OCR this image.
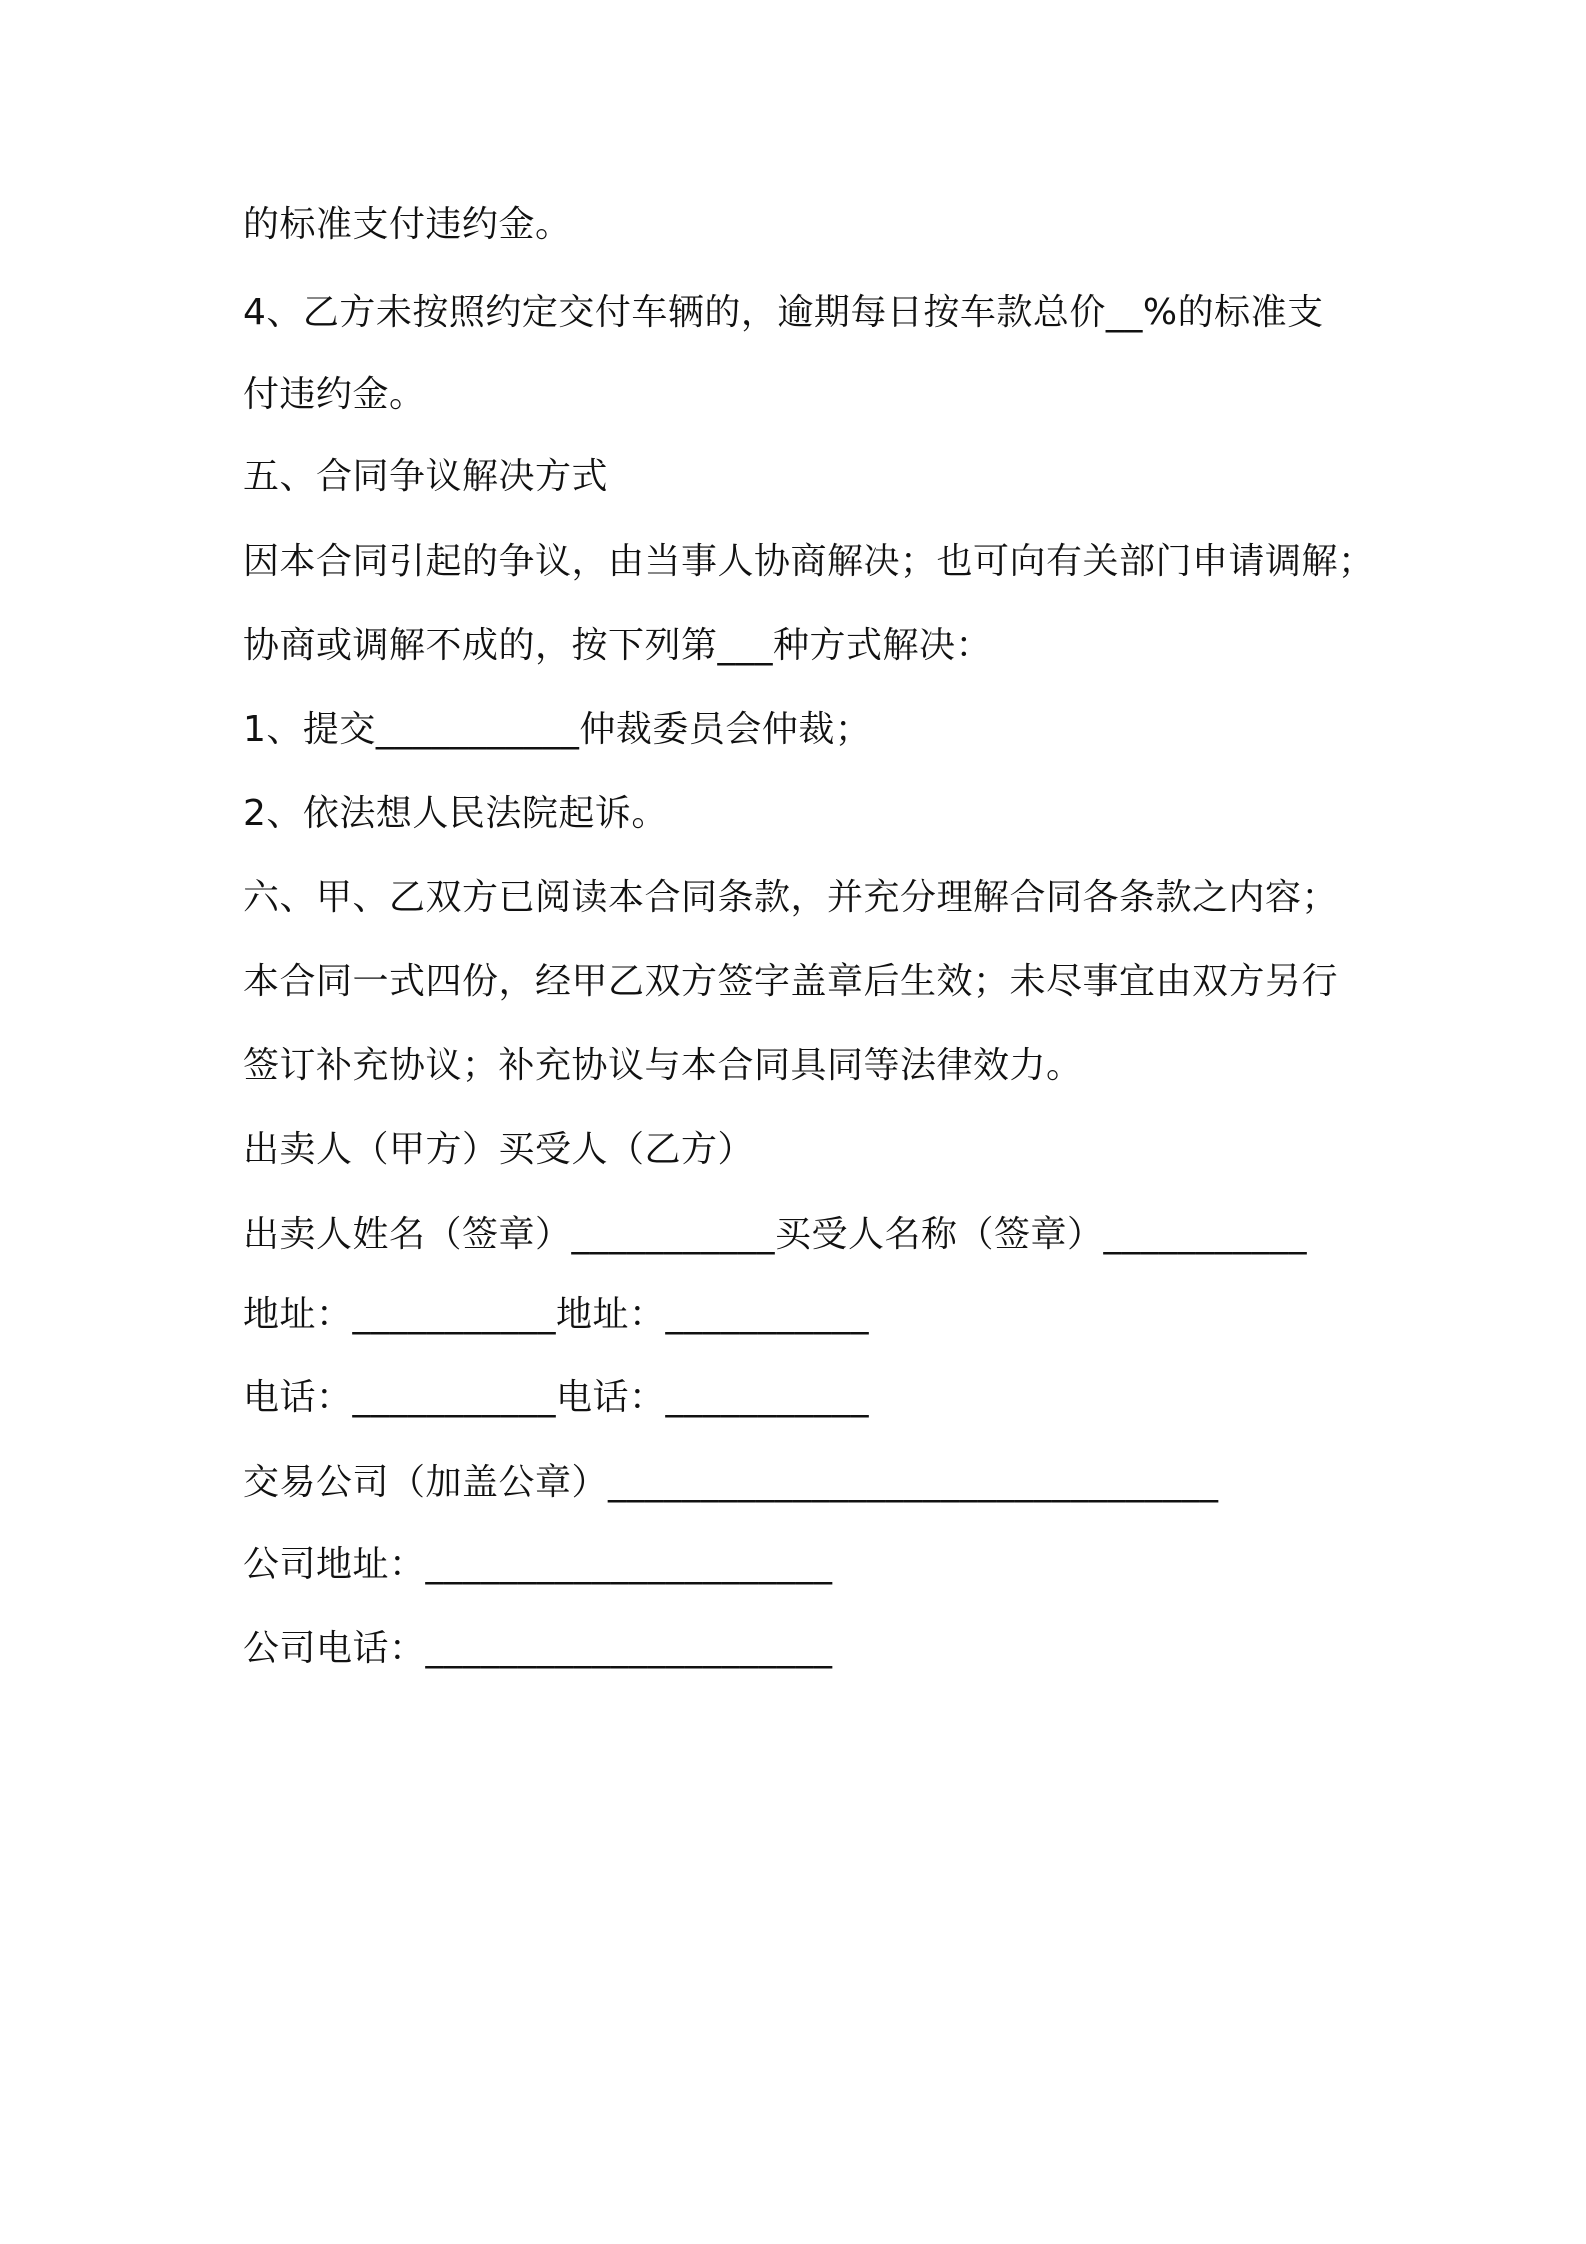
的标准支付违约金。
4、乙方未按照约定交付车辆的，逾期每日按车款总价__%的标准支
付违约金。
五、合同争议解决方式
因本合同引起的争议，由当事人协商解决；也可向有关部门申请调解；
协商或调解不成的，按下列第___种方式解决：
1、提交___________仲裁委员会仲裁；
2、依法想人民法院起诉。
六、甲、乙双方已阅读本合同条款，并充分理解合同各条款之内容；
本合同一式四份，经甲乙双方签字盖章后生效；未尽事宜由双方另行
签订补充协议；补充协议与本合同具同等法律效力。
出卖人（甲方）买受人（乙方）
出卖人姓名（签章）___________买受人名称（签章）___________
地址：___________地址：___________
电话：___________电话：___________
交易公司（加盖公章）_________________________________
公司地址：______________________
公司电话：______________________
